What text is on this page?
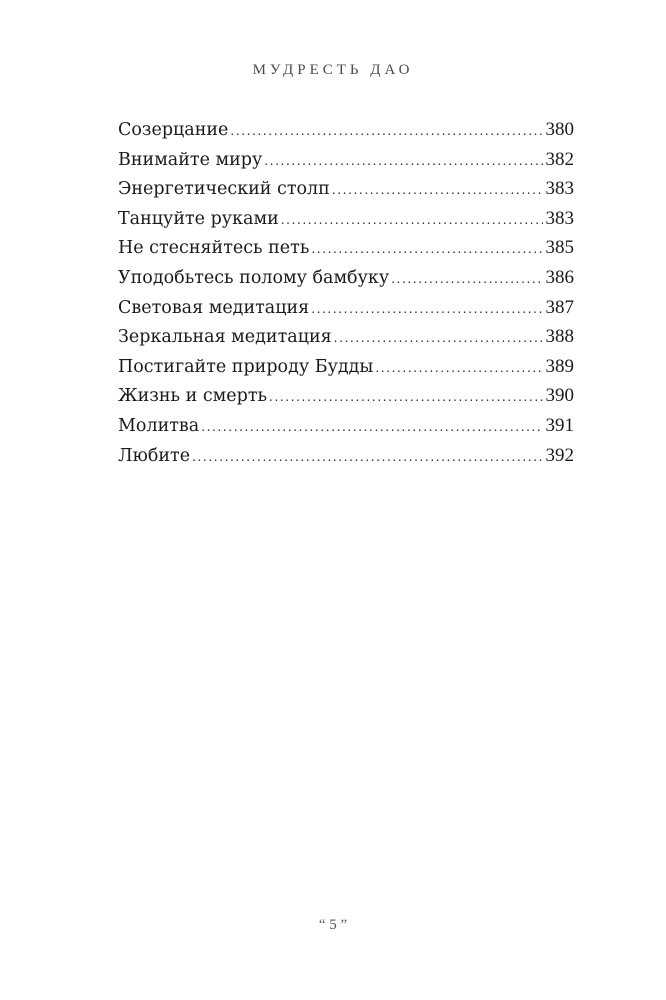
МУДРЕСТЬ ДАО
Созерцание .....	380
Внимайте миру .....	382
Энергетический столп .....	383
Танцуйте руками .....	383
Не стесняйтесь петь .....	385
Уподобьтесь полому бамбуку .....	386
Световая медитация .....	387
Зеркальная медитация .....	388
Постигайте природу Будды .....	389
Жизнь и смерть .....	390
Молитва .....	391
Любите .....	392
“ 5 ”
